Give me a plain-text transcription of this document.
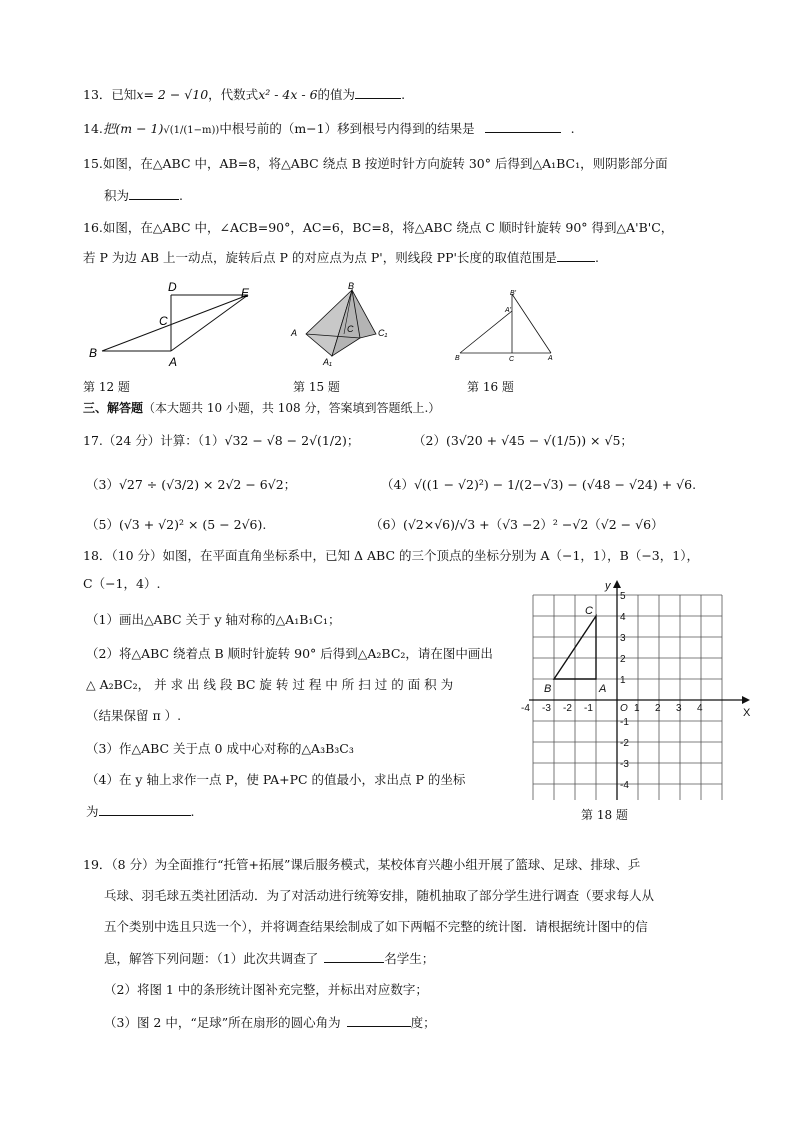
13．已知x= 2 − √10，代数式x² - 4x - 6的值为	.
14.把(m − 1)√(1/(1−m))中根号前的（m−1）移到根号内得到的结果是	.
15.如图，在△ABC 中，AB=8，将△ABC 绕点 B 按逆时针方向旋转 30° 后得到△A₁BC₁，则阴影部分面
积为	.
16.如图，在△ABC 中，∠ACB=90°，AC=6，BC=8，将△ABC 绕点 C 顺时针旋转 90° 得到△A'B'C，
若 P 为边 AB 上一动点，旋转后点 P 的对应点为点 P'，则线段 PP'长度的取值范围是	.
D	E
C
B
A
B
A	C	C₁
A₁
B'
A'
B	C	A
第 12 题	第 15 题	第 16 题
三、解答题（本大题共 10 小题，共 108 分，答案填到答题纸上.）
17.（24 分）计算：（1）√32 − √8 − 2√(1/2)；	（2）(3√20 + √45 − √(1/5)) × √5；
（3）√27 ÷ (√3/2) × 2√2 − 6√2；	（4）√((1 − √2)²) − 1/(2−√3) − (√48 − √24) + √6.
（5）(√3 + √2)² × (5 − 2√6).	（6）(√2×√6)/√3 +（√3 −2）² −√2（√2 − √6）
18．（10 分）如图，在平面直角坐标系中，已知 Δ ABC 的三个顶点的坐标分别为 A（−1，1），B（−3，1），
C（−1，4）.
（1）画出△ABC 关于 y 轴对称的△A₁B₁C₁；
（2）将△ABC 绕着点 B 顺时针旋转 90° 后得到△A₂BC₂，请在图中画出
△ A₂BC₂， 并 求 出 线 段 BC 旋 转 过 程 中 所 扫 过 的 面 积 为
（结果保留 π ）.
（3）作△ABC 关于点 0 成中心对称的△A₃B₃C₃
（4）在 y 轴上求作一点 P，使 PA+PC 的值最小，求出点 P 的坐标
为	.
-4 -3 -2 -1	1 2 3 4
5
4
3
2
1
-1
-2
-3
-4
O	X
y
A
B
C
第 18 题
19．（8 分）为全面推行“托管+拓展”课后服务模式，某校体育兴趣小组开展了篮球、足球、排球、乒
乓球、羽毛球五类社团活动．为了对活动进行统筹安排，随机抽取了部分学生进行调查（要求每人从
五个类别中选且只选一个），并将调查结果绘制成了如下两幅不完整的统计图．请根据统计图中的信
息，解答下列问题：（1）此次共调查了	名学生；
（2）将图 1 中的条形统计图补充完整，并标出对应数字；
（3）图 2 中，“足球”所在扇形的圆心角为	度；
